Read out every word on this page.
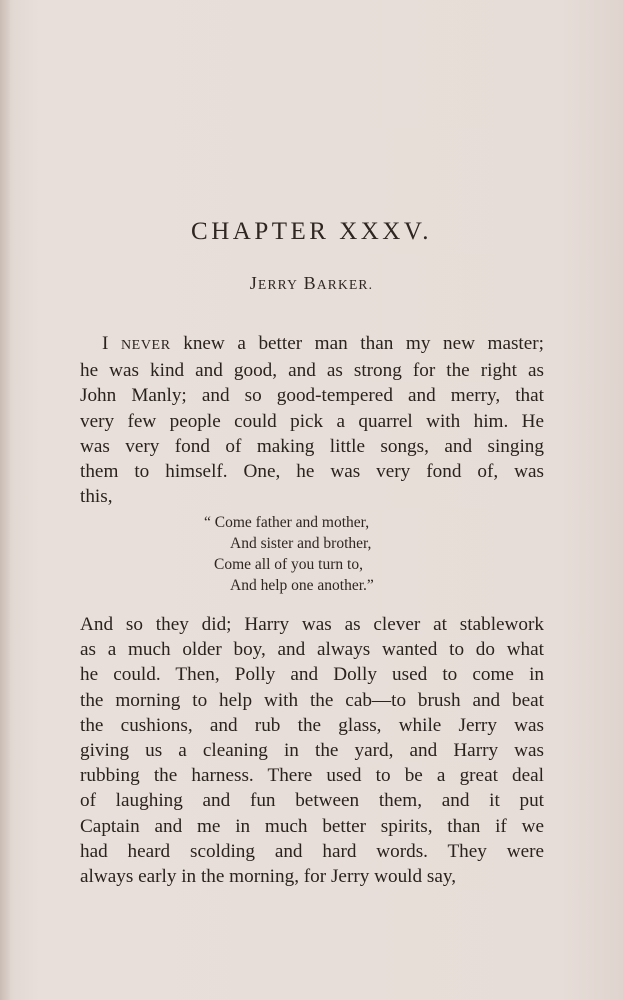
CHAPTER XXXV.
JERRY BARKER.
I NEVER knew a better man than my new master;
he was kind and good, and as strong for the right as
John Manly; and so good-tempered and merry, that
very few people could pick a quarrel with him. He
was very fond of making little songs, and singing
them to himself. One, he was very fond of, was
this,
“ Come father and mother,
And sister and brother,
Come all of you turn to,
And help one another.”
And so they did; Harry was as clever at stablework
as a much older boy, and always wanted to do what
he could. Then, Polly and Dolly used to come in
the morning to help with the cab—to brush and beat
the cushions, and rub the glass, while Jerry was
giving us a cleaning in the yard, and Harry was
rubbing the harness. There used to be a great deal
of laughing and fun between them, and it put
Captain and me in much better spirits, than if we
had heard scolding and hard words. They were
always early in the morning, for Jerry would say,
